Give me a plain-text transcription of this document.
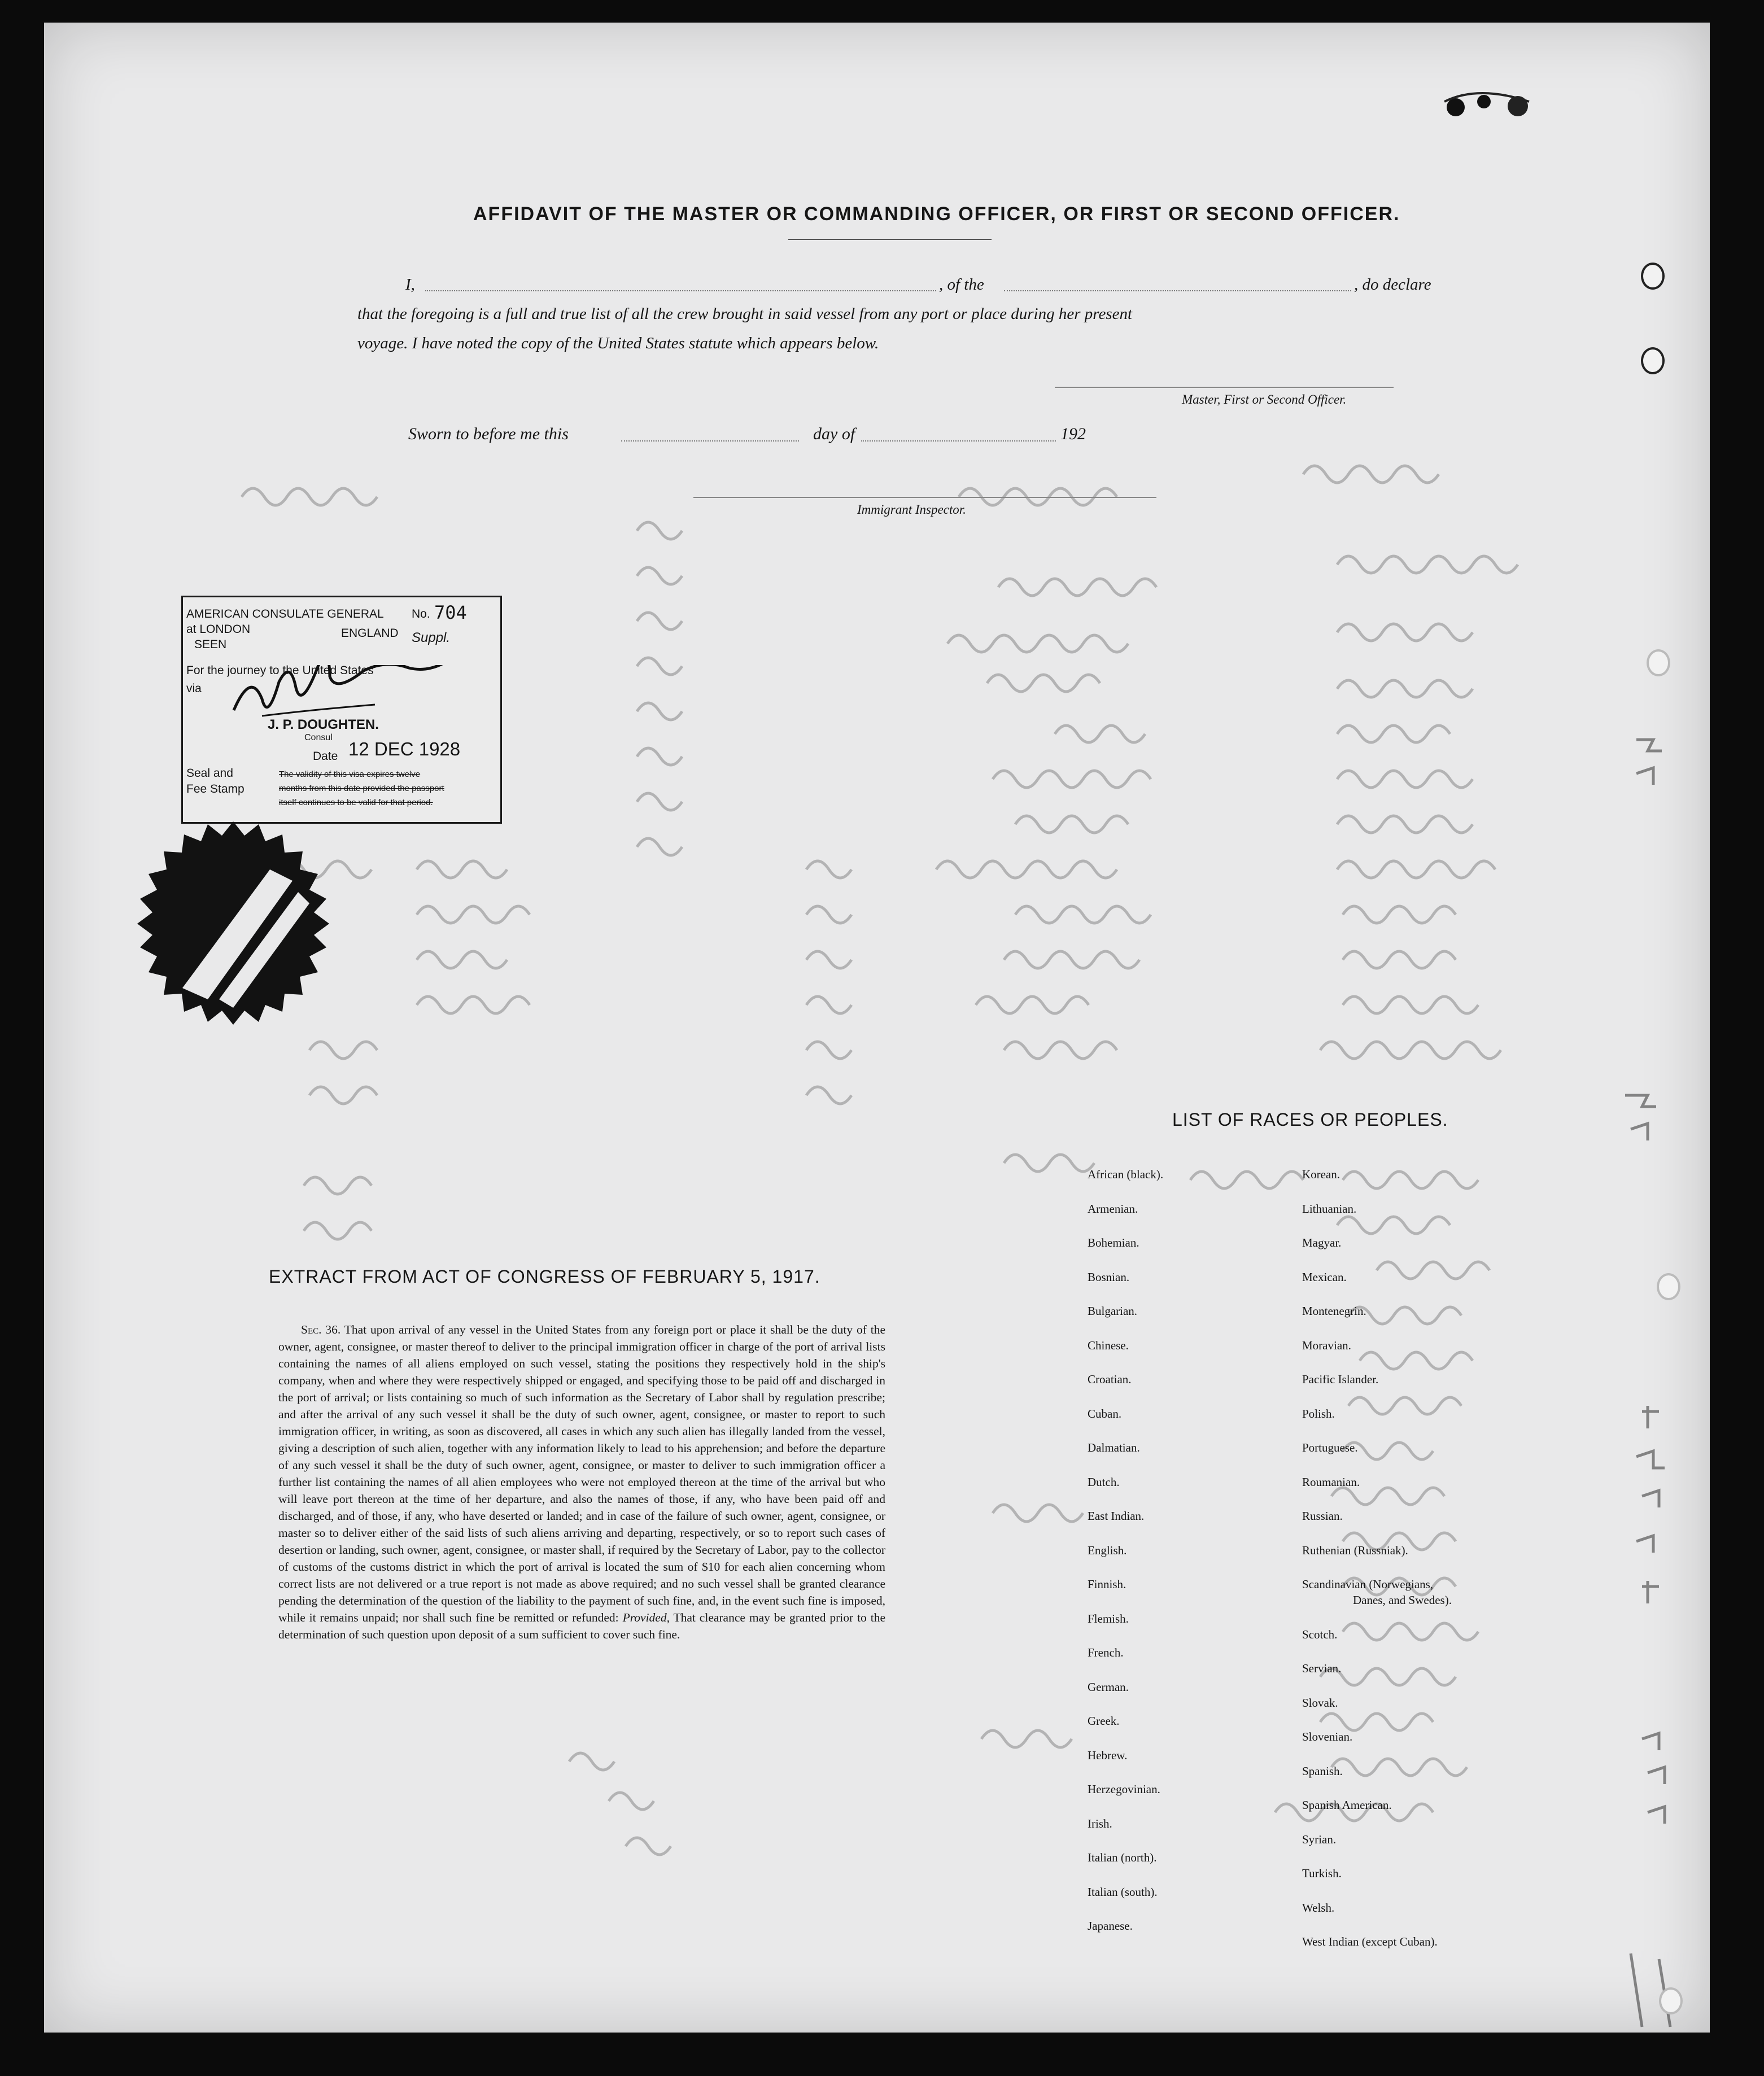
AFFIDAVIT OF THE MASTER OR COMMANDING OFFICER, OR FIRST OR SECOND OFFICER.
I,	, of the	, do declare
that the foregoing is a full and true list of all the crew brought in said vessel from any port or place during her present
voyage. I have noted the copy of the United States statute which appears below.
Master, First or Second Officer.
Sworn to before me this	day of	192
Immigrant Inspector.
AMERICAN CONSULATE GENERAL No. 704
at LONDON	ENGLAND Suppl.
SEEN
For the journey to the United States
via
J. P. DOUGHTEN.
Consul
Date 12 DEC 1928
Seal and
Fee Stamp
The validity of this visa expires twelve
months from this date provided the passport
itself continues to be valid for that period.
EXTRACT FROM ACT OF CONGRESS OF FEBRUARY 5, 1917.
Sec. 36. That upon arrival of any vessel in the United States from any foreign port or place it shall be the duty of the owner, agent, consignee, or master thereof to deliver to the principal immigration officer in charge of the port of arrival lists containing the names of all aliens employed on such vessel, stating the positions they respectively hold in the ship's company, when and where they were respectively shipped or engaged, and specifying those to be paid off and discharged in the port of arrival; or lists containing so much of such information as the Secretary of Labor shall by regulation prescribe; and after the arrival of any such vessel it shall be the duty of such owner, agent, consignee, or master to report to such immigration officer, in writing, as soon as discovered, all cases in which any such alien has illegally landed from the vessel, giving a description of such alien, together with any information likely to lead to his apprehension; and before the departure of any such vessel it shall be the duty of such owner, agent, consignee, or master to deliver to such immigration officer a further list containing the names of all alien employees who were not employed thereon at the time of the arrival but who will leave port thereon at the time of her departure, and also the names of those, if any, who have been paid off and discharged, and of those, if any, who have deserted or landed; and in case of the failure of such owner, agent, consignee, or master so to deliver either of the said lists of such aliens arriving and departing, respectively, or so to report such cases of desertion or landing, such owner, agent, consignee, or master shall, if required by the Secretary of Labor, pay to the collector of customs of the customs district in which the port of arrival is located the sum of $10 for each alien concerning whom correct lists are not delivered or a true report is not made as above required; and no such vessel shall be granted clearance pending the determination of the question of the liability to the payment of such fine, and, in the event such fine is imposed, while it remains unpaid; nor shall such fine be remitted or refunded: Provided, That clearance may be granted prior to the determination of such question upon deposit of a sum sufficient to cover such fine.
LIST OF RACES OR PEOPLES.
African (black).
Armenian.
Bohemian.
Bosnian.
Bulgarian.
Chinese.
Croatian.
Cuban.
Dalmatian.
Dutch.
East Indian.
English.
Finnish.
Flemish.
French.
German.
Greek.
Hebrew.
Herzegovinian.
Irish.
Italian (north).
Italian (south).
Japanese.
Korean.
Lithuanian.
Magyar.
Mexican.
Montenegrin.
Moravian.
Pacific Islander.
Polish.
Portuguese.
Roumanian.
Russian.
Ruthenian (Russniak).
Scandinavian (Norwegians,
Danes, and Swedes).
Scotch.
Servian.
Slovak.
Slovenian.
Spanish.
Spanish American.
Syrian.
Turkish.
Welsh.
West Indian (except Cuban).
